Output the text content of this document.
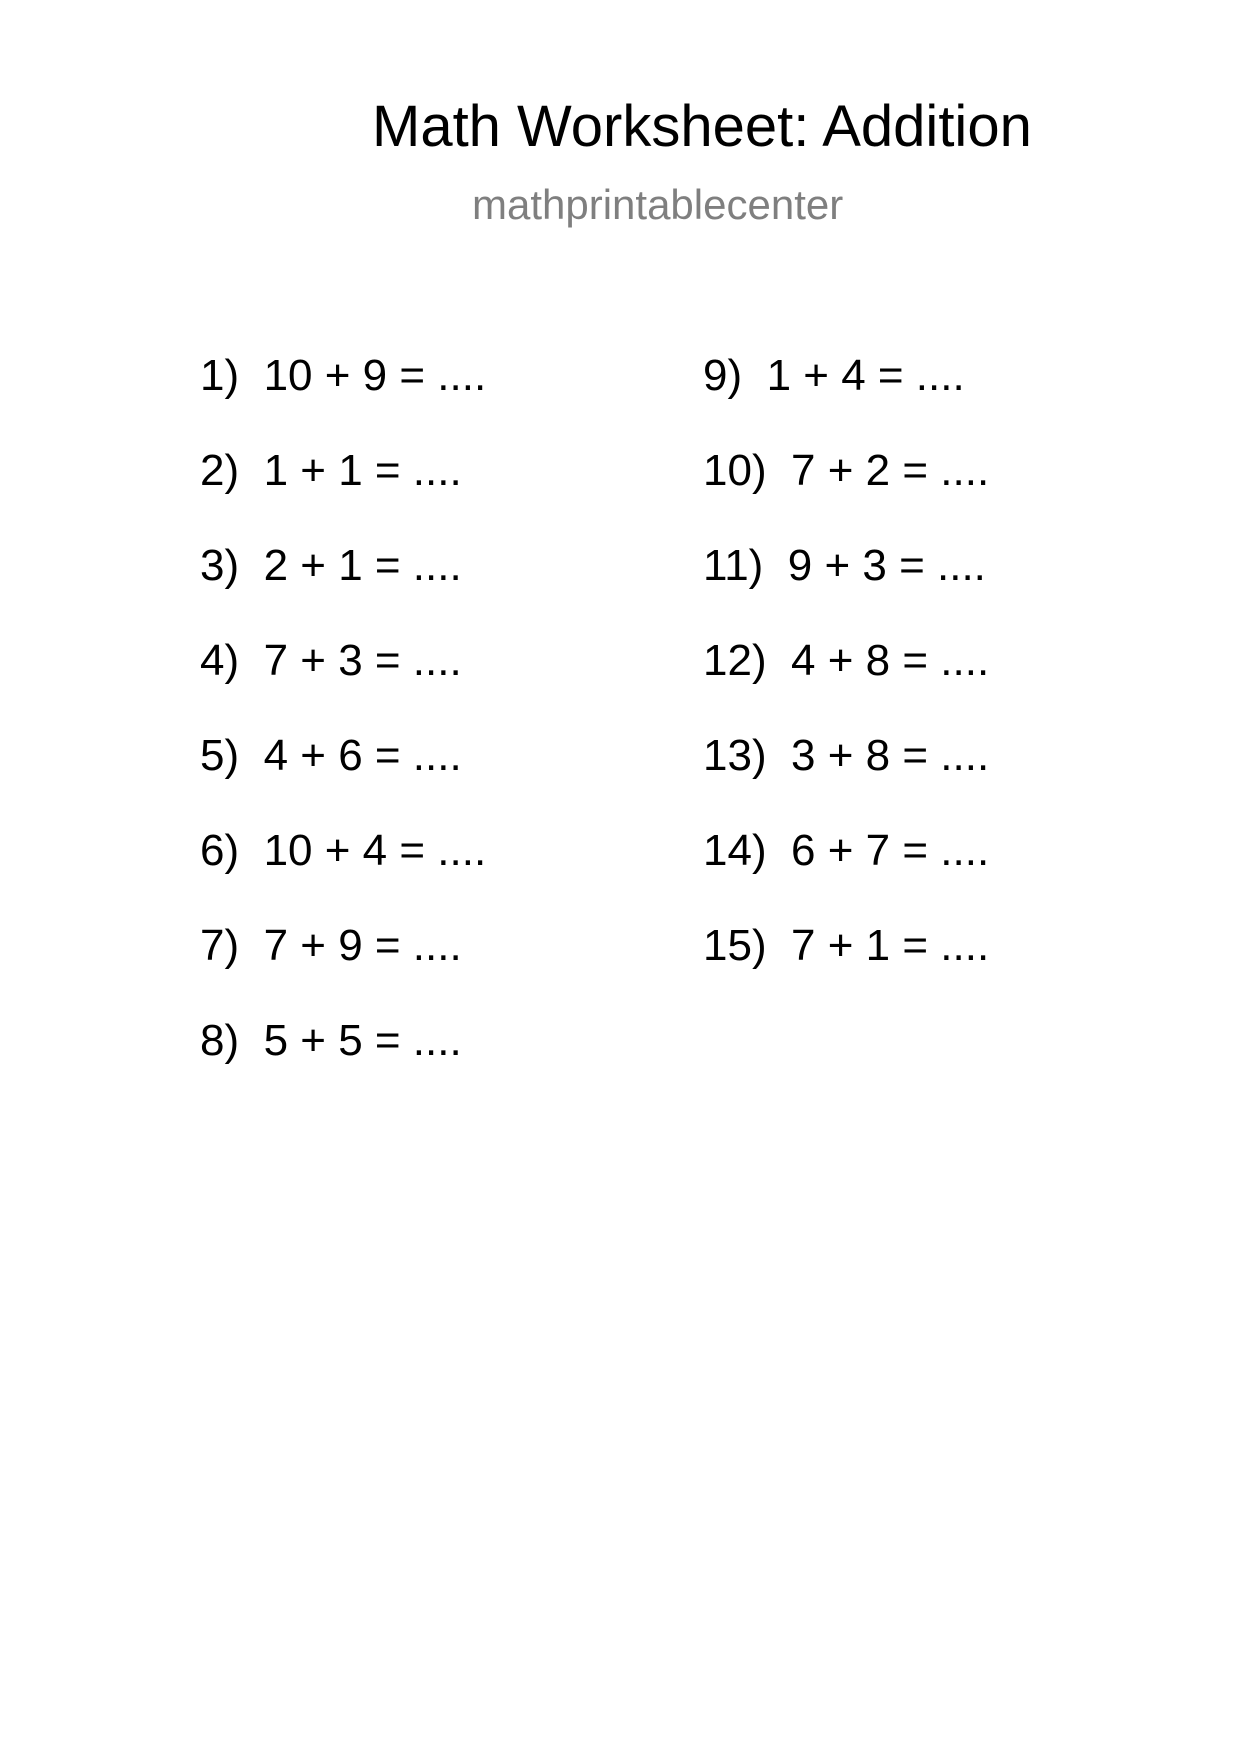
Math Worksheet: Addition
mathprintablecenter
1)  10 + 9 = ....
2)  1 + 1 = ....
3)  2 + 1 = ....
4)  7 + 3 = ....
5)  4 + 6 = ....
6)  10 + 4 = ....
7)  7 + 9 = ....
8)  5 + 5 = ....
9)  1 + 4 = ....
10)  7 + 2 = ....
11)  9 + 3 = ....
12)  4 + 8 = ....
13)  3 + 8 = ....
14)  6 + 7 = ....
15)  7 + 1 = ....
